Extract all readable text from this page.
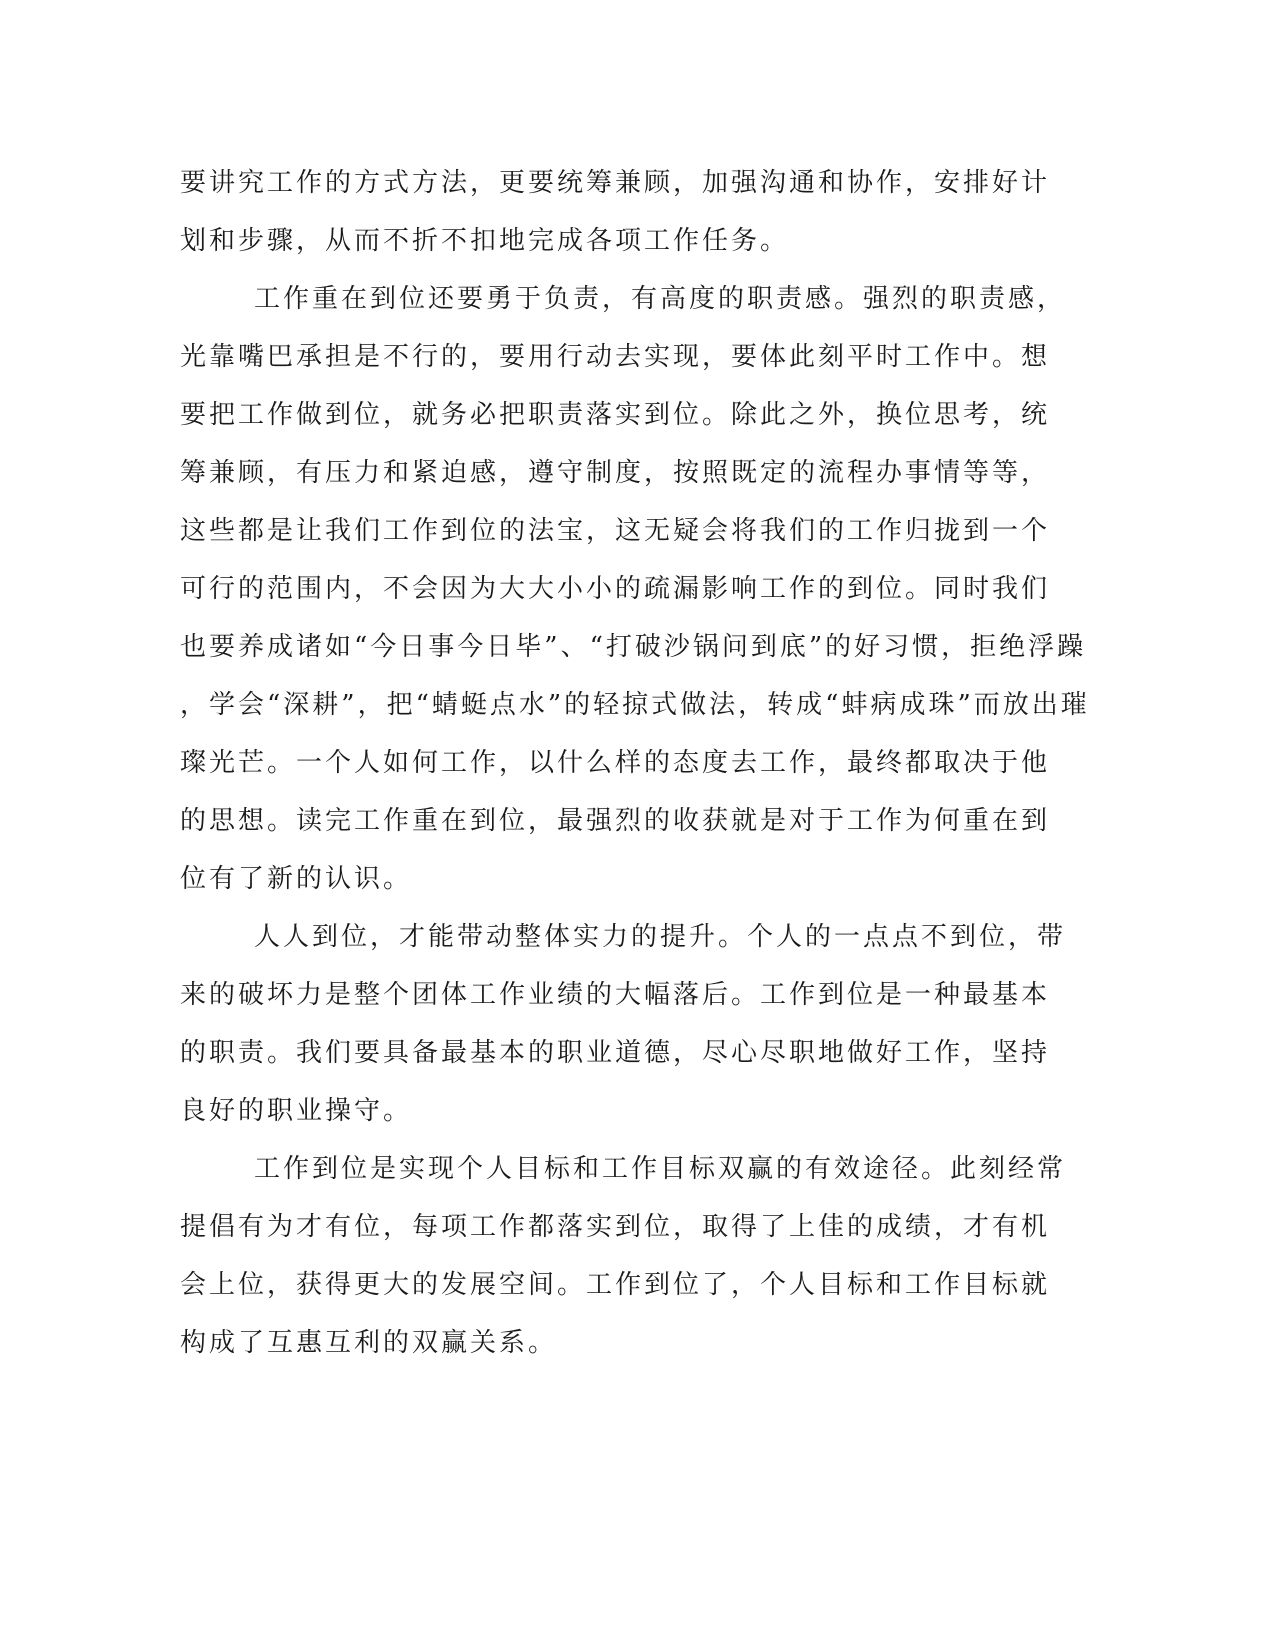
要讲究工作的方式方法，更要统筹兼顾，加强沟通和协作，安排好计
划和步骤，从而不折不扣地完成各项工作任务。
工作重在到位还要勇于负责，有高度的职责感。强烈的职责感，
光靠嘴巴承担是不行的，要用行动去实现，要体此刻平时工作中。想
要把工作做到位，就务必把职责落实到位。除此之外，换位思考，统
筹兼顾，有压力和紧迫感，遵守制度，按照既定的流程办事情等等，
这些都是让我们工作到位的法宝，这无疑会将我们的工作归拢到一个
可行的范围内，不会因为大大小小的疏漏影响工作的到位。同时我们
也要养成诸如“今日事今日毕”、“打破沙锅问到底”的好习惯，拒绝浮躁
，学会“深耕”，把“蜻蜓点水”的轻掠式做法，转成“蚌病成珠”而放出璀
璨光芒。一个人如何工作，以什么样的态度去工作，最终都取决于他
的思想。读完工作重在到位，最强烈的收获就是对于工作为何重在到
位有了新的认识。
人人到位，才能带动整体实力的提升。个人的一点点不到位，带
来的破坏力是整个团体工作业绩的大幅落后。工作到位是一种最基本
的职责。我们要具备最基本的职业道德，尽心尽职地做好工作，坚持
良好的职业操守。
工作到位是实现个人目标和工作目标双赢的有效途径。此刻经常
提倡有为才有位，每项工作都落实到位，取得了上佳的成绩，才有机
会上位，获得更大的发展空间。工作到位了，个人目标和工作目标就
构成了互惠互利的双赢关系。
